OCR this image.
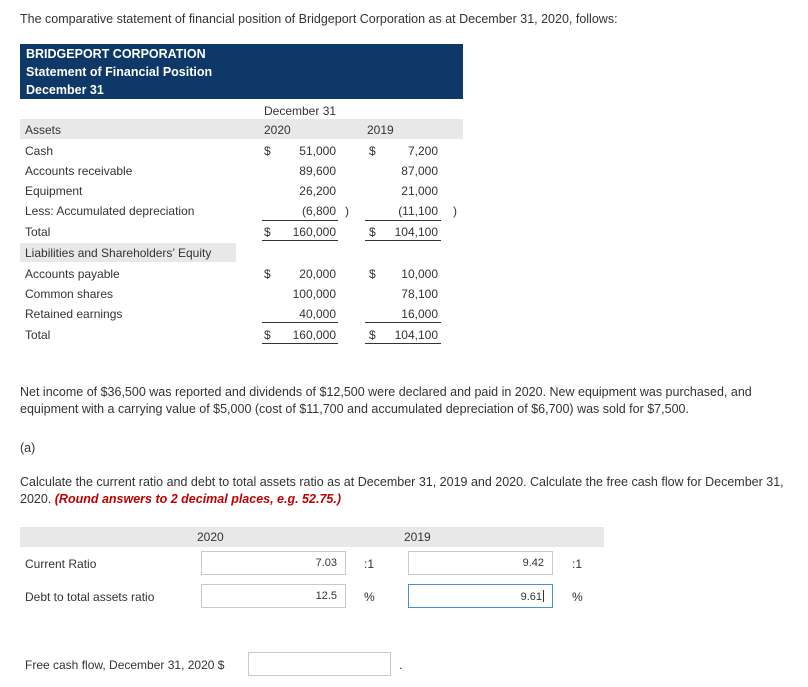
The comparative statement of financial position of Bridgeport Corporation as at December 31, 2020, follows:
BRIDGEPORT CORPORATION
Statement of Financial Position
December 31
December 31
2020	2019
Assets
Cash	$	51,000	$	7,200
Accounts receivable	89,600	87,000
Equipment	26,200	21,000
Less: Accumulated depreciation	(6,800 )	(11,100 )
Total	$	160,000	$	104,100
Liabilities and Shareholders’ Equity
Accounts payable	$	20,000	$	10,000
Common shares	100,000	78,100
Retained earnings	40,000	16,000
Total	$	160,000	$	104,100
Net income of $36,500 was reported and dividends of $12,500 were declared and paid in 2020. New equipment was purchased, and equipment with a carrying value of $5,000 (cost of $11,700 and accumulated depreciation of $6,700) was sold for $7,500.
(a)
Calculate the current ratio and debt to total assets ratio as at December 31, 2019 and 2020. Calculate the free cash flow for December 31, 2020. (Round answers to 2 decimal places, e.g. 52.75.)
2020	2019
Current Ratio	7.03	:1	9.42	:1
Debt to total assets ratio	12.5	%	9.61	%
Free cash flow, December 31, 2020 $	.
